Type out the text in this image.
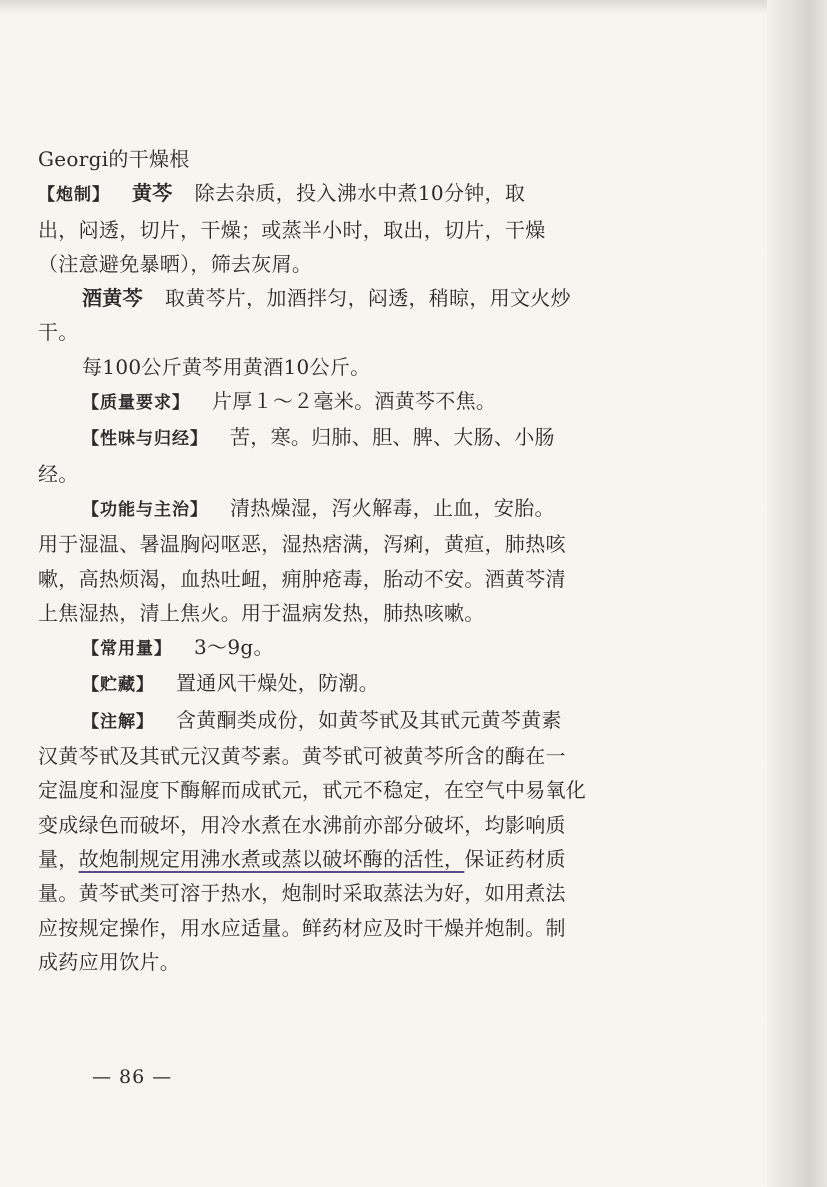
Georgi的干燥根
【炮制】 黄芩 除去杂质，投入沸水中煮10分钟，取
出，闷透，切片，干燥；或蒸半小时，取出，切片，干燥
（注意避免暴晒），筛去灰屑。
酒黄芩 取黄芩片，加酒拌匀，闷透，稍晾，用文火炒
干。
每100公斤黄芩用黄酒10公斤。
【质量要求】 片厚１～２毫米。酒黄芩不焦。
【性味与归经】 苦，寒。归肺、胆、脾、大肠、小肠
经。
【功能与主治】 清热燥湿，泻火解毒，止血，安胎。
用于湿温、暑温胸闷呕恶，湿热痞满，泻痢，黄疸，肺热咳
嗽，高热烦渴，血热吐衄，痈肿疮毒，胎动不安。酒黄芩清
上焦湿热，清上焦火。用于温病发热，肺热咳嗽。
【常用量】 3～9g。
【贮藏】 置通风干燥处，防潮。
【注解】 含黄酮类成份，如黄芩甙及其甙元黄芩黄素
汉黄芩甙及其甙元汉黄芩素。黄芩甙可被黄芩所含的酶在一
定温度和湿度下酶解而成甙元，甙元不稳定，在空气中易氧化
变成绿色而破坏，用冷水煮在水沸前亦部分破坏，均影响质
量，故炮制规定用沸水煮或蒸以破坏酶的活性，保证药材质
量。黄芩甙类可溶于热水，炮制时采取蒸法为好，如用煮法
应按规定操作，用水应适量。鲜药材应及时干燥并炮制。制
成药应用饮片。
— 86 —
